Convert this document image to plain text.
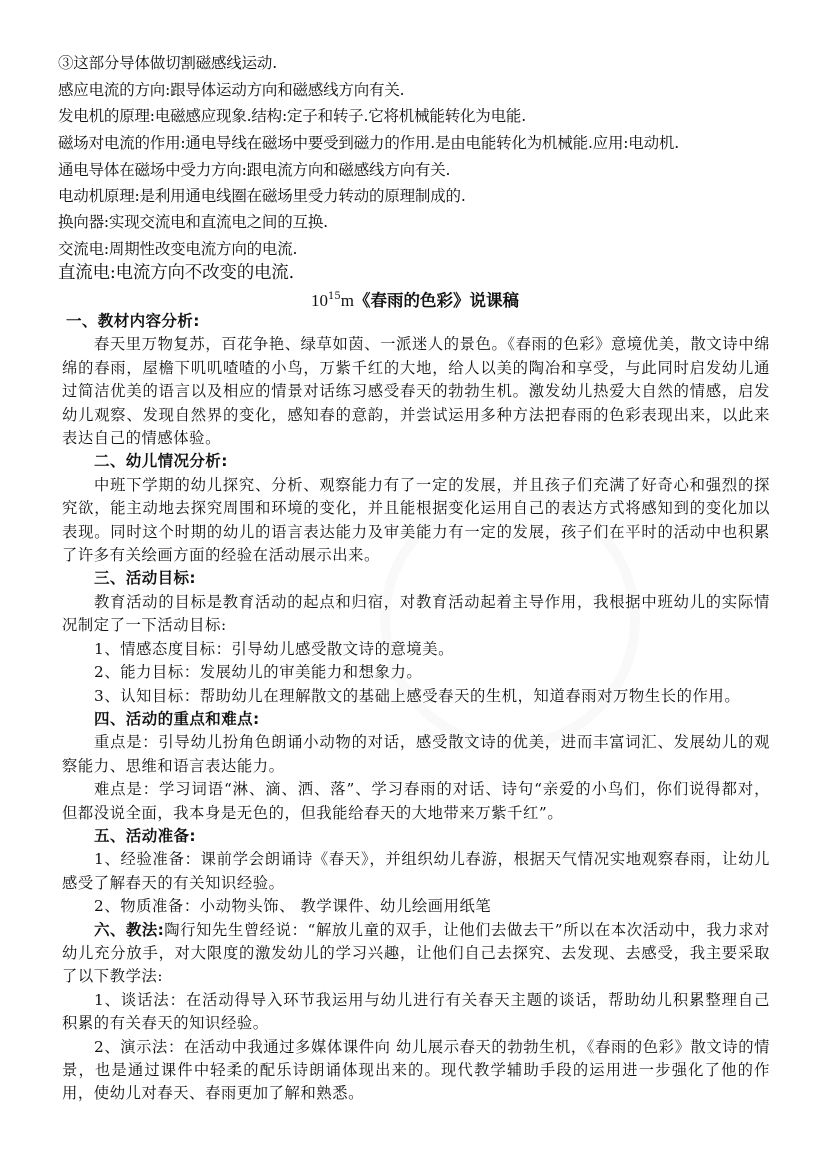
③这部分导体做切割磁感线运动.
感应电流的方向:跟导体运动方向和磁感线方向有关.
发电机的原理:电磁感应现象.结构:定子和转子.它将机械能转化为电能.
磁场对电流的作用:通电导线在磁场中要受到磁力的作用.是由电能转化为机械能.应用:电动机.
通电导体在磁场中受力方向:跟电流方向和磁感线方向有关.
电动机原理:是利用通电线圈在磁场里受力转动的原理制成的.
换向器:实现交流电和直流电之间的互换.
交流电:周期性改变电流方向的电流.
直流电:电流方向不改变的电流.
$10^{15}m$《春雨的色彩》说课稿

一、教材内容分析:

春天里万物复苏，百花争艳、绿草如茵、一派迷人的景色。《春雨的色彩》意境优美，散文诗中绵绵的春雨，屋檐下叽叽喳喳的小鸟，万紫千红的大地，给人以美的陶冶和享受，与此同时启发幼儿通过简洁优美的语言以及相应的情景对话练习感受春天的勃勃生机。激发幼儿热爱大自然的情感，启发幼儿观察、发现自然界的变化，感知春的意韵，并尝试运用多种方法把春雨的色彩表现出来，以此来表达自己的情感体验。

二、幼儿情况分析:

中班下学期的幼儿探究、分析、观察能力有了一定的发展，并且孩子们充满了好奇心和强烈的探究欲，能主动地去探究周围和环境的变化，并且能根据变化运用自己的表达方式将感知到的变化加以表现。同时这个时期的幼儿的语言表达能力及审美能力有一定的发展，孩子们在平时的活动中也积累了许多有关绘画方面的经验在活动展示出来。

三、活动目标:

教育活动的目标是教育活动的起点和归宿，对教育活动起着主导作用，我根据中班幼儿的实际情况制定了一下活动目标:

1、情感态度目标：引导幼儿感受散文诗的意境美。

2、能力目标：发展幼儿的审美能力和想象力。

3、认知目标：帮助幼儿在理解散文的基础上感受春天的生机，知道春雨对万物生长的作用。

四、活动的重点和难点:

重点是：引导幼儿扮角色朗诵小动物的对话，感受散文诗的优美，进而丰富词汇、发展幼儿的观察能力、思维和语言表达能力。

难点是：学习词语“淋、滴、洒、落”、学习春雨的对话、诗句“亲爱的小鸟们，你们说得都对，但都没说全面，我本身是无色的，但我能给春天的大地带来万紫千红”。

五、活动准备:

1、经验准备：课前学会朗诵诗《春天》，并组织幼儿春游，根据天气情况实地观察春雨，让幼儿感受了解春天的有关知识经验。

2、物质准备：小动物头饰、 教学课件、幼儿绘画用纸笔

六、教法:陶行知先生曾经说：“解放儿童的双手，让他们去做去干”所以在本次活动中，我力求对幼儿充分放手，对大限度的激发幼儿的学习兴趣，让他们自己去探究、去发现、去感受，我主要采取了以下教学法:

1、谈话法：在活动得导入环节我运用与幼儿进行有关春天主题的谈话，帮助幼儿积累整理自己积累的有关春天的知识经验。

2、演示法：在活动中我通过多媒体课件向 幼儿展示春天的勃勃生机，《春雨的色彩》散文诗的情景，也是通过课件中轻柔的配乐诗朗诵体现出来的。现代教学辅助手段的运用进一步强化了他的作用，使幼儿对春天、春雨更加了解和熟悉。
